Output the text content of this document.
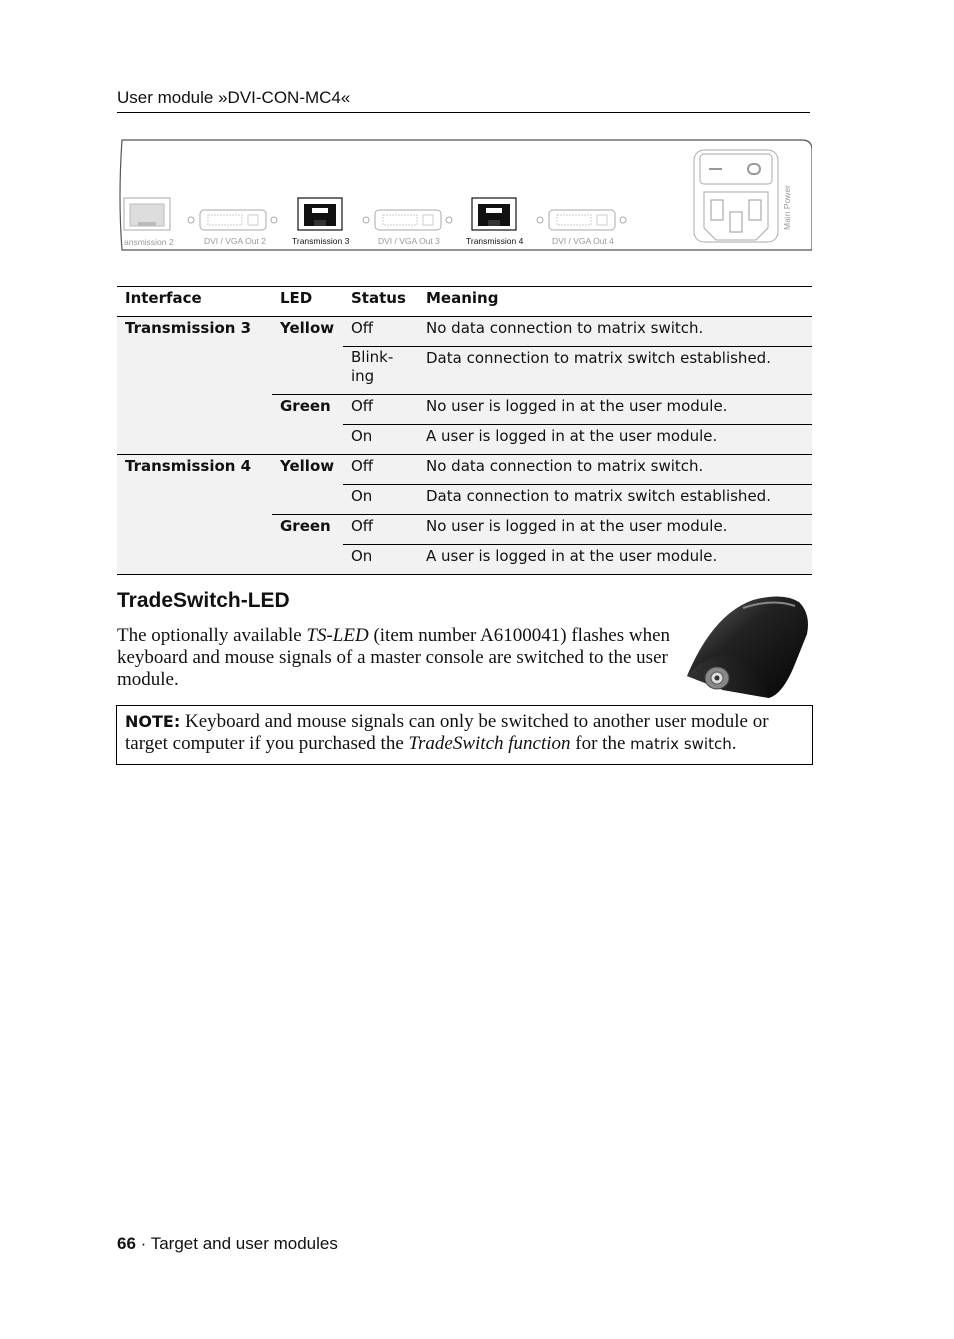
User module »DVI-CON-MC4«
ansmission 2	DVI / VGA Out 2	Transmission 3	DVI / VGA Out 3	Transmission 4	DVI / VGA Out 4
Main Power
Interface	LED	Status	Meaning
Transmission 3	Yellow	Off	No data connection to matrix switch.

		Blink- ing	Data connection to matrix switch established.
	Green	Off	No user is logged in at the user module.
		On	A user is logged in at the user module.
Transmission 4	Yellow	Off	No data connection to matrix switch.
		On	Data connection to matrix switch established.
	Green	Off	No user is logged in at the user module.
		On	A user is logged in at the user module.
TradeSwitch-LED
The optionally available TS-LED (item number A6100041) flashes when keyboard and mouse signals of a master console are switched to the user module.
NOTE: Keyboard and mouse signals can only be switched to another user module or target computer if you purchased the TradeSwitch function for the matrix switch.
66 · Target and user modules
